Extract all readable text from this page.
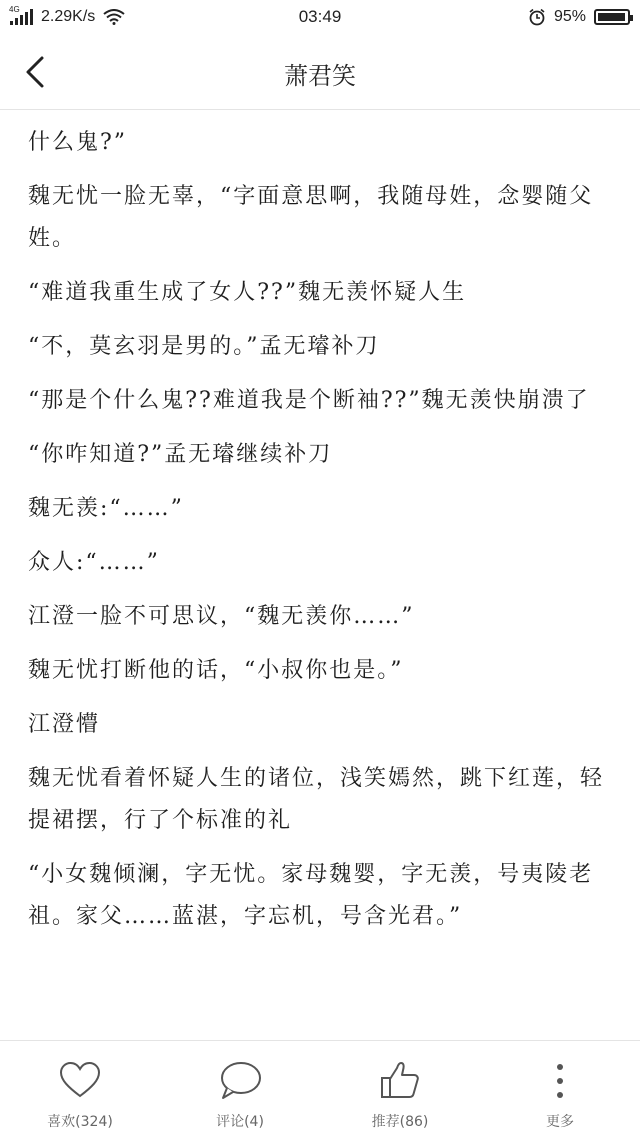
4G 2.29K/s	03:49	95%
萧君笑

什么鬼?”

魏无忧一脸无辜，“字面意思啊，我随母姓，念婴随父姓。

“难道我重生成了女人??”魏无羡怀疑人生

“不，莫玄羽是男的。”孟无璿补刀

“那是个什么鬼??难道我是个断袖??”魏无羡快崩溃了

“你咋知道?”孟无璿继续补刀

魏无羡:“……”

众人:“……”

江澄一脸不可思议，“魏无羡你……”

魏无忧打断他的话，“小叔你也是。”

江澄懵

魏无忧看着怀疑人生的诸位，浅笑嫣然，跳下红莲，轻提裙摆，行了个标准的礼

“小女魏倾澜，字无忧。家母魏婴，字无羡，号夷陵老祖。家父……蓝湛，字忘机，号含光君。”

喜欢(324)	评论(4)	推荐(86)	更多
